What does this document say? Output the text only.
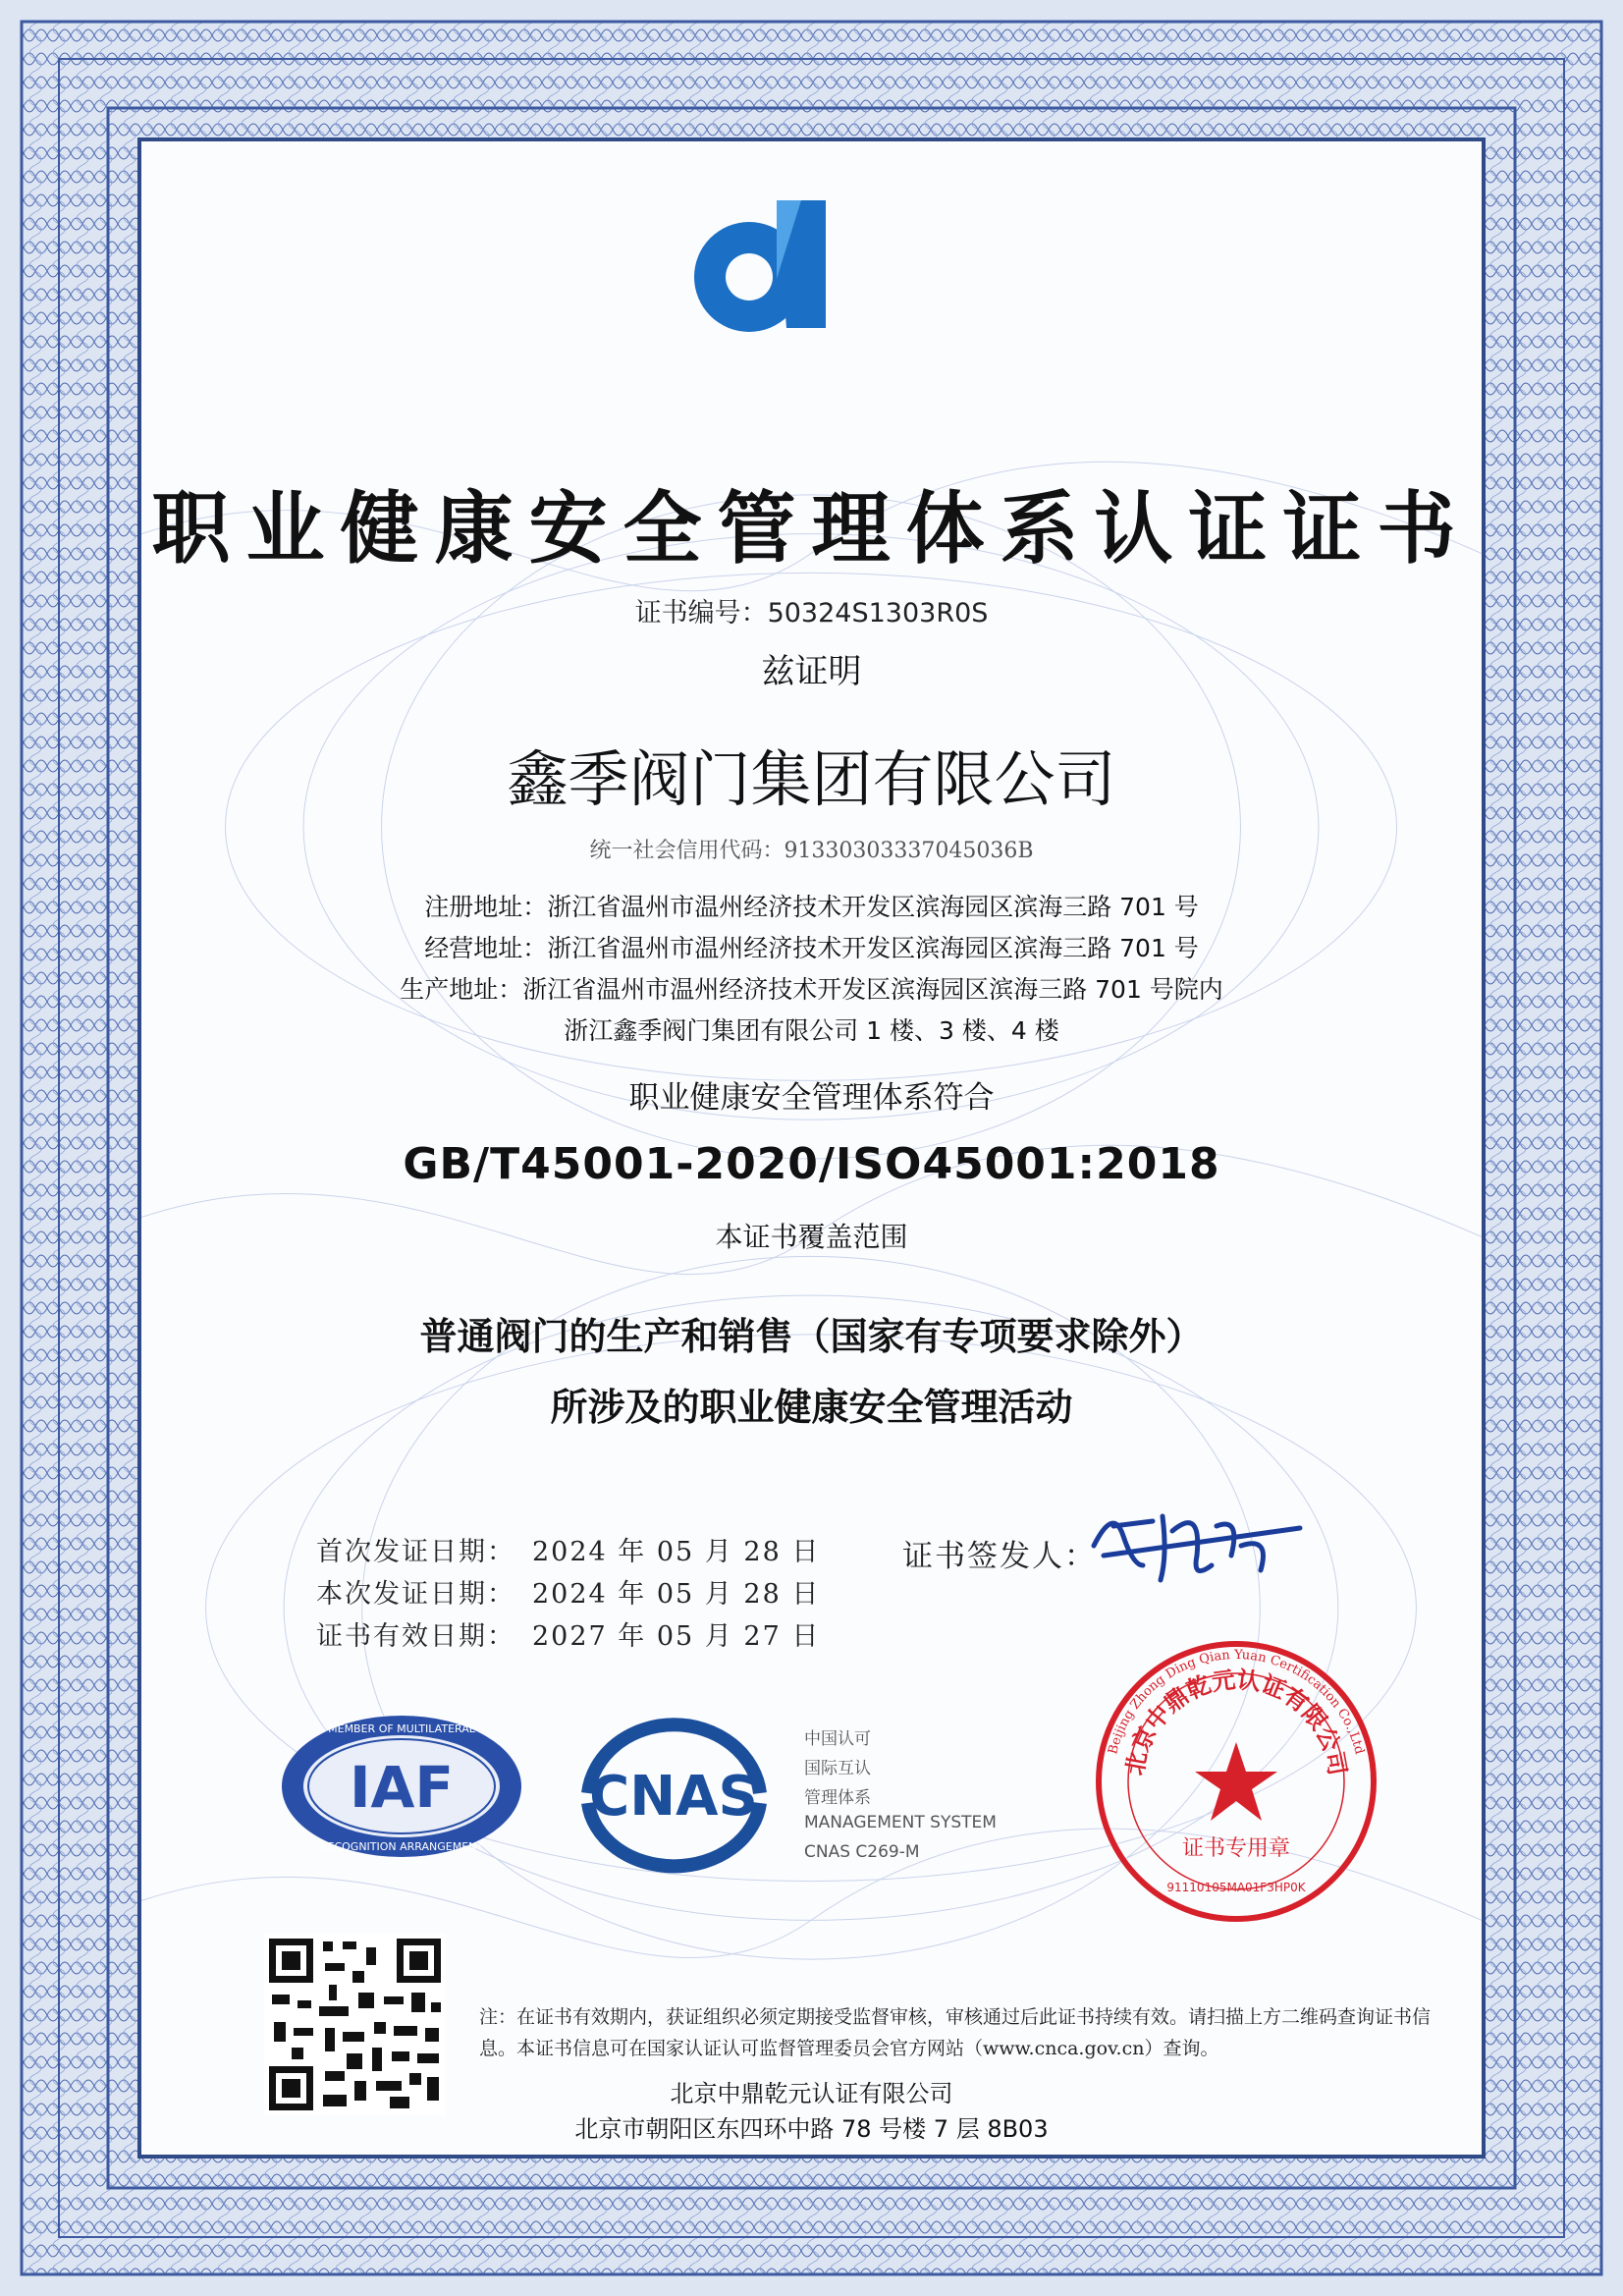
职业健康安全管理体系认证证书
证书编号：50324S1303R0S
兹证明
鑫季阀门集团有限公司
统一社会信用代码：91330303337045036B
注册地址：浙江省温州市温州经济技术开发区滨海园区滨海三路 701 号
经营地址：浙江省温州市温州经济技术开发区滨海园区滨海三路 701 号
生产地址：浙江省温州市温州经济技术开发区滨海园区滨海三路 701 号院内
浙江鑫季阀门集团有限公司 1 楼、3 楼、4 楼
职业健康安全管理体系符合
GB/T45001-2020/ISO45001:2018
本证书覆盖范围
普通阀门的生产和销售（国家有专项要求除外）
所涉及的职业健康安全管理活动
首次发证日期： 2024 年 05 月 28 日
本次发证日期： 2024 年 05 月 28 日
证书有效日期： 2027 年 05 月 27 日
证书签发人：
IAF
MEMBER OF MULTILATERAL
RECOGNITION ARRANGEMENT
CNAS
中国认可
国际互认
管理体系
MANAGEMENT SYSTEM
CNAS C269-M
Beijing Zhong Ding Qian Yuan Certification Co.,Ltd
北京中鼎乾元认证有限公司
证书专用章
91110105MA01F3HP0K
注：在证书有效期内，获证组织必须定期接受监督审核，审核通过后此证书持续有效。请扫描上方二维码查询证书信息。本证书信息可在国家认证认可监督管理委员会官方网站（www.cnca.gov.cn）查询。
北京中鼎乾元认证有限公司
北京市朝阳区东四环中路 78 号楼 7 层 8B03
